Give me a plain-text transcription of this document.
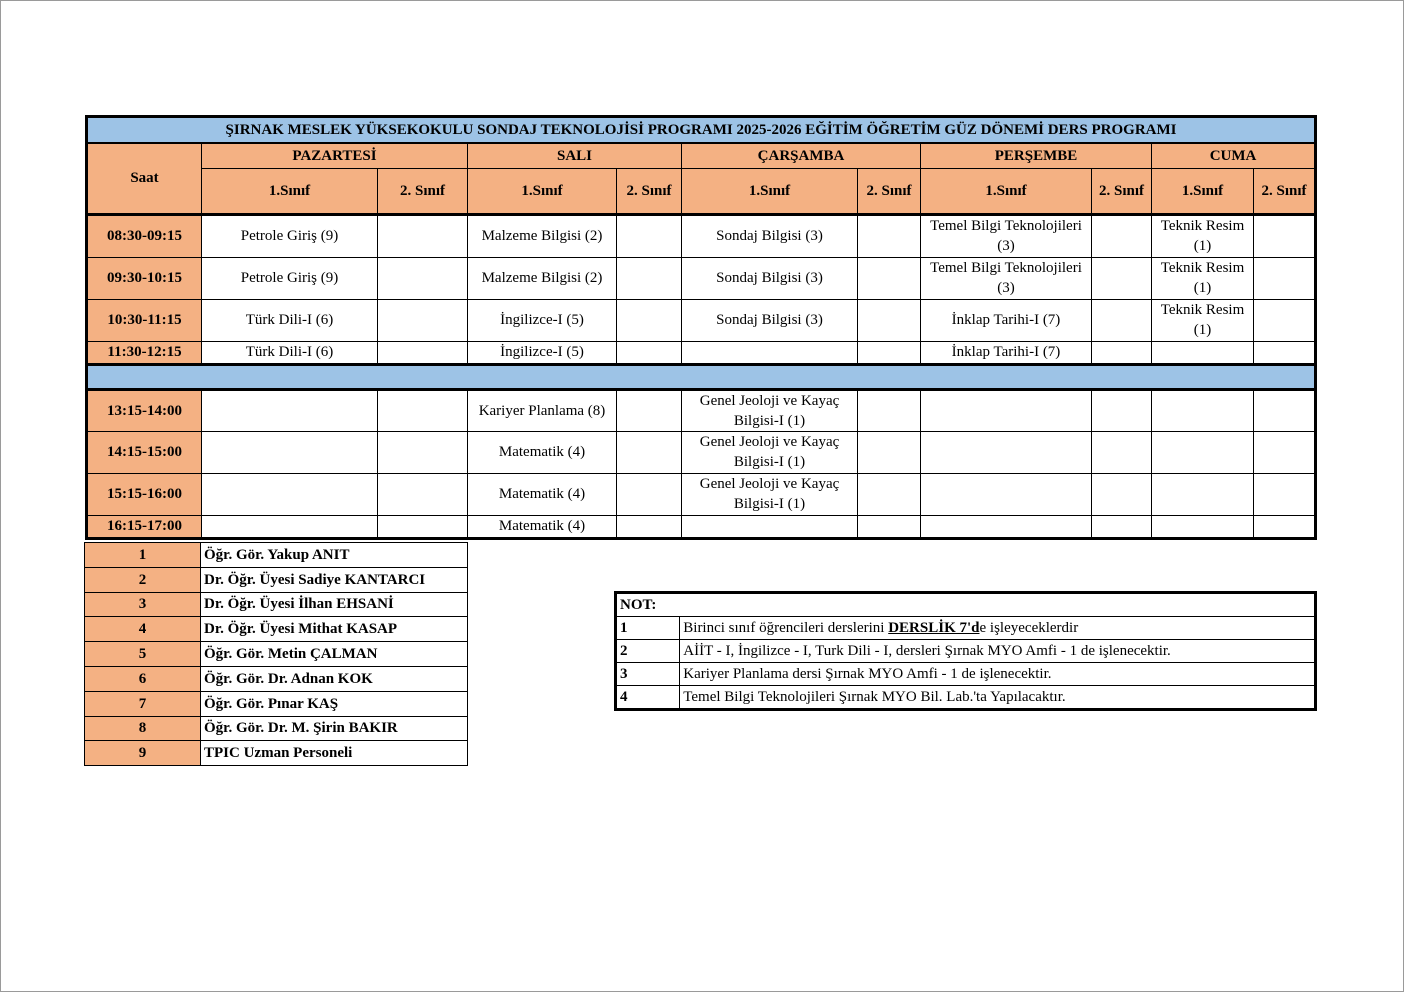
ŞIRNAK MESLEK YÜKSEKOKULU SONDAJ TEKNOLOJİSİ PROGRAMI 2025-2026 EĞİTİM ÖĞRETİM GÜZ DÖNEMİ DERS PROGRAMI										
Saat	PAZARTESİ		SALI		ÇARŞAMBA		PERŞEMBE		CUMA	
	1.Sınıf	2. Sınıf	1.Sınıf	2. Sınıf	1.Sınıf	2. Sınıf	1.Sınıf	2. Sınıf	1.Sınıf	2. Sınıf
08:30-09:15	Petrole Giriş (9)		Malzeme Bilgisi (2)		Sondaj Bilgisi (3)		Temel Bilgi Teknolojileri (3)		Teknik Resim (1)	
09:30-10:15	Petrole Giriş (9)		Malzeme Bilgisi (2)		Sondaj Bilgisi (3)		Temel Bilgi Teknolojileri (3)		Teknik Resim (1)	
10:30-11:15	Türk Dili-I (6)		İngilizce-I (5)		Sondaj Bilgisi (3)		İnklap Tarihi-I (7)		Teknik Resim (1)	
11:30-12:15	Türk Dili-I (6)		İngilizce-I (5)				İnklap Tarihi-I (7)			

13:15-14:00			Kariyer Planlama (8)		Genel Jeoloji ve Kayaç Bilgisi-I (1)					
14:15-15:00			Matematik (4)		Genel Jeoloji ve Kayaç Bilgisi-I (1)					
15:15-16:00			Matematik (4)		Genel Jeoloji ve Kayaç Bilgisi-I (1)					
16:15-17:00			Matematik (4)							
1	Öğr. Gör. Yakup ANIT
2	Dr. Öğr. Üyesi Sadiye KANTARCI
3	Dr. Öğr. Üyesi İlhan EHSANİ
4	Dr. Öğr. Üyesi Mithat KASAP
5	Öğr. Gör. Metin ÇALMAN
6	Öğr. Gör. Dr. Adnan KOK
7	Öğr. Gör. Pınar KAŞ
8	Öğr. Gör. Dr. M. Şirin BAKIR
9	TPIC Uzman Personeli
NOT:	
1	Birinci sınıf öğrencileri derslerini DERSLİK 7'de işleyeceklerdir
2	AİİT - I, İngilizce - I, Turk Dili - I, dersleri Şırnak MYO Amfi - 1 de işlenecektir.
3	Kariyer Planlama dersi Şırnak MYO Amfi - 1 de işlenecektir.
4	Temel Bilgi Teknolojileri Şırnak MYO Bil. Lab.'ta Yapılacaktır.
